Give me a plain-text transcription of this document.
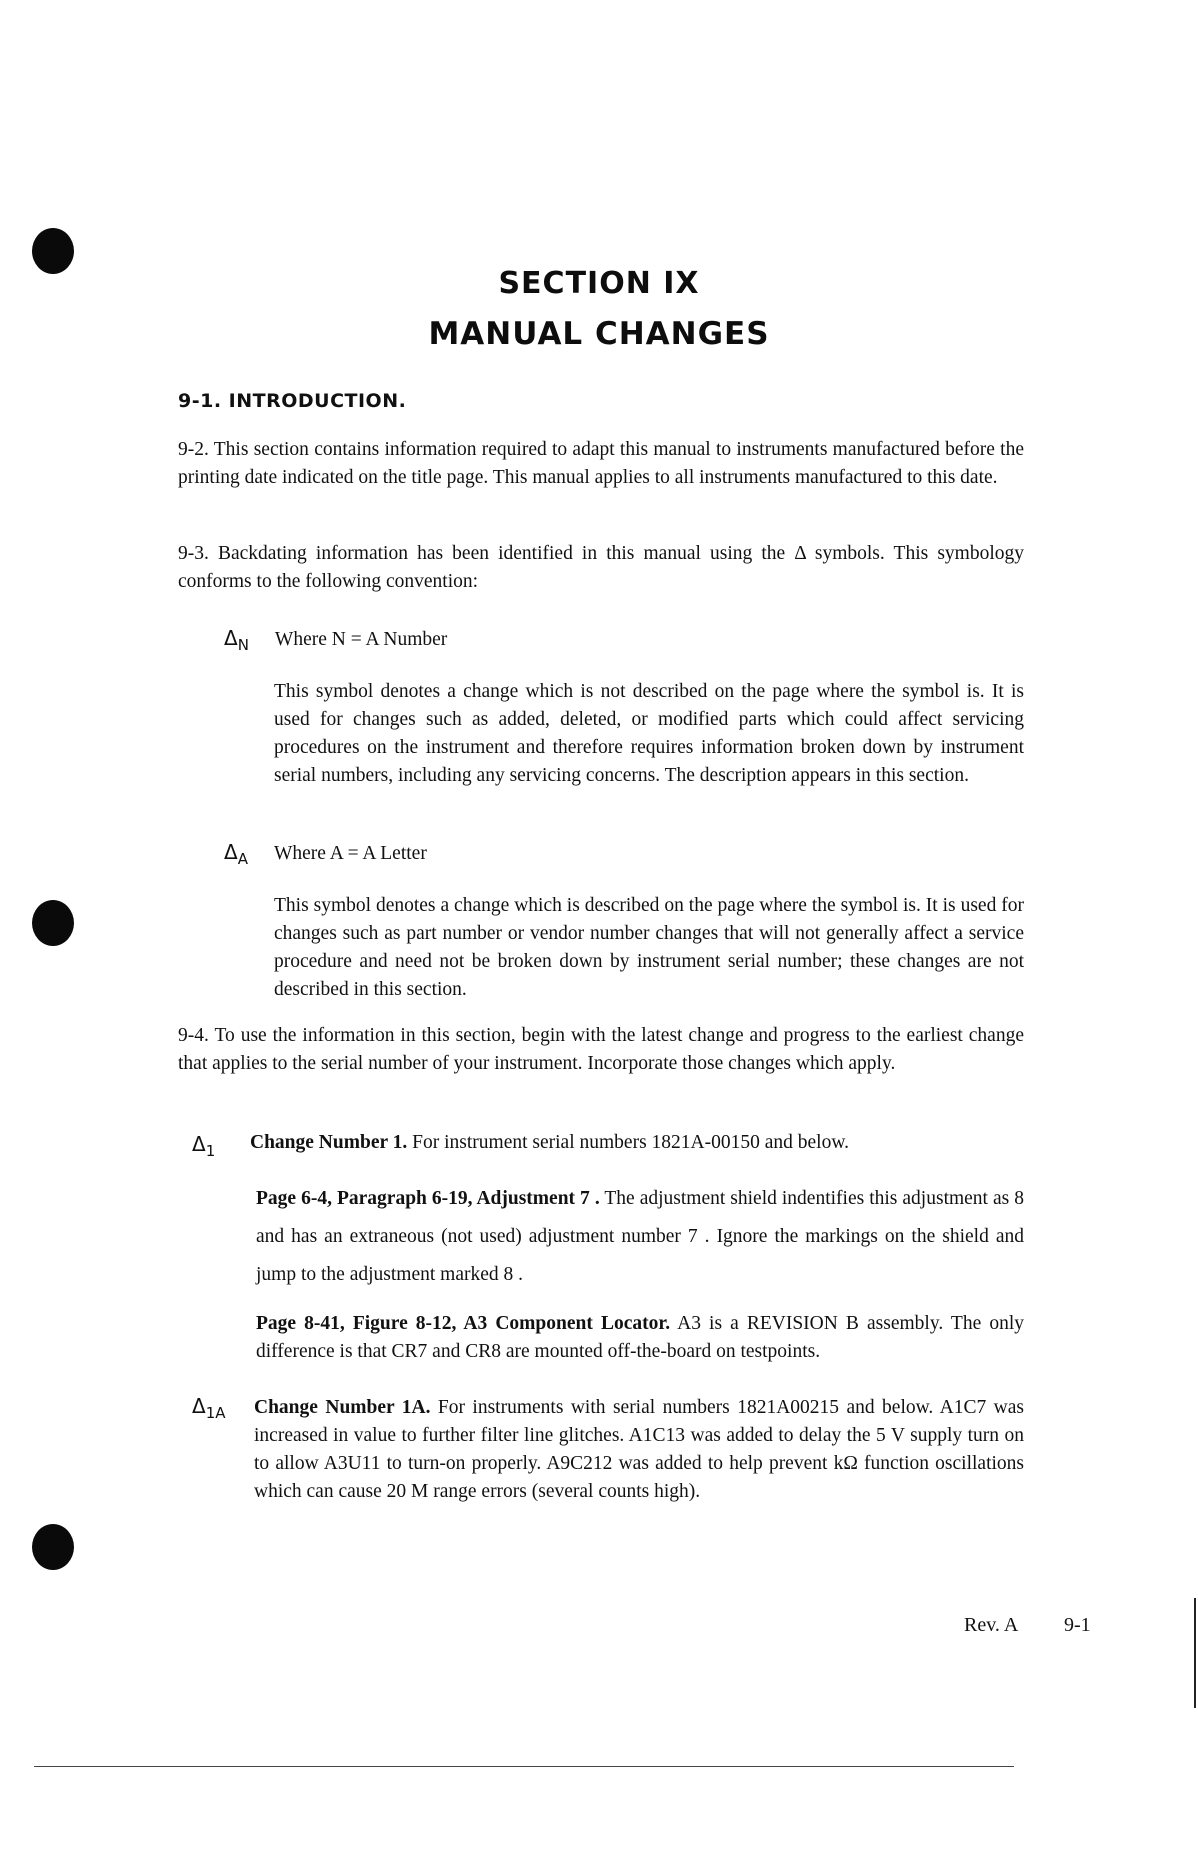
SECTION IX
MANUAL CHANGES
9-1. INTRODUCTION.

9-2. This section contains information required to adapt this manual to instruments manufactured before the printing date indicated on the title page. This manual applies to all instruments manufactured to this date.

9-3. Backdating information has been identified in this manual using the Δ symbols. This symbology conforms to the following convention:

$\Delta_N$ Where N = A Number

This symbol denotes a change which is not described on the page where the symbol is. It is used for changes such as added, deleted, or modified parts which could affect servicing procedures on the instrument and therefore requires information broken down by instrument serial numbers, including any servicing concerns. The description appears in this section.

$\Delta_A$ Where A = A Letter

This symbol denotes a change which is described on the page where the symbol is. It is used for changes such as part number or vendor number changes that will not generally affect a service procedure and need not be broken down by instrument serial number; these changes are not described in this section.

9-4. To use the information in this section, begin with the latest change and progress to the earliest change that applies to the serial number of your instrument. Incorporate those changes which apply.

$\Delta_1$	Change Number 1. For instrument serial numbers 1821A-00150 and below.

Page 6-4, Paragraph 6-19, Adjustment 7 . The adjustment shield indentifies this adjustment as 8 and has an extraneous (not used) adjustment number 7 . Ignore the markings on the shield and jump to the adjustment marked 8 .

Page 8-41, Figure 8-12, A3 Component Locator. A3 is a REVISION B assembly. The only difference is that CR7 and CR8 are mounted off-the-board on testpoints.

$\Delta_{1A}$	Change Number 1A. For instruments with serial numbers 1821A00215 and below. A1C7 was increased in value to further filter line glitches. A1C13 was added to delay the 5 V supply turn on to allow A3U11 to turn-on properly. A9C212 was added to help prevent kΩ function oscillations which can cause 20 M range errors (several counts high).

Rev. A 9-1
